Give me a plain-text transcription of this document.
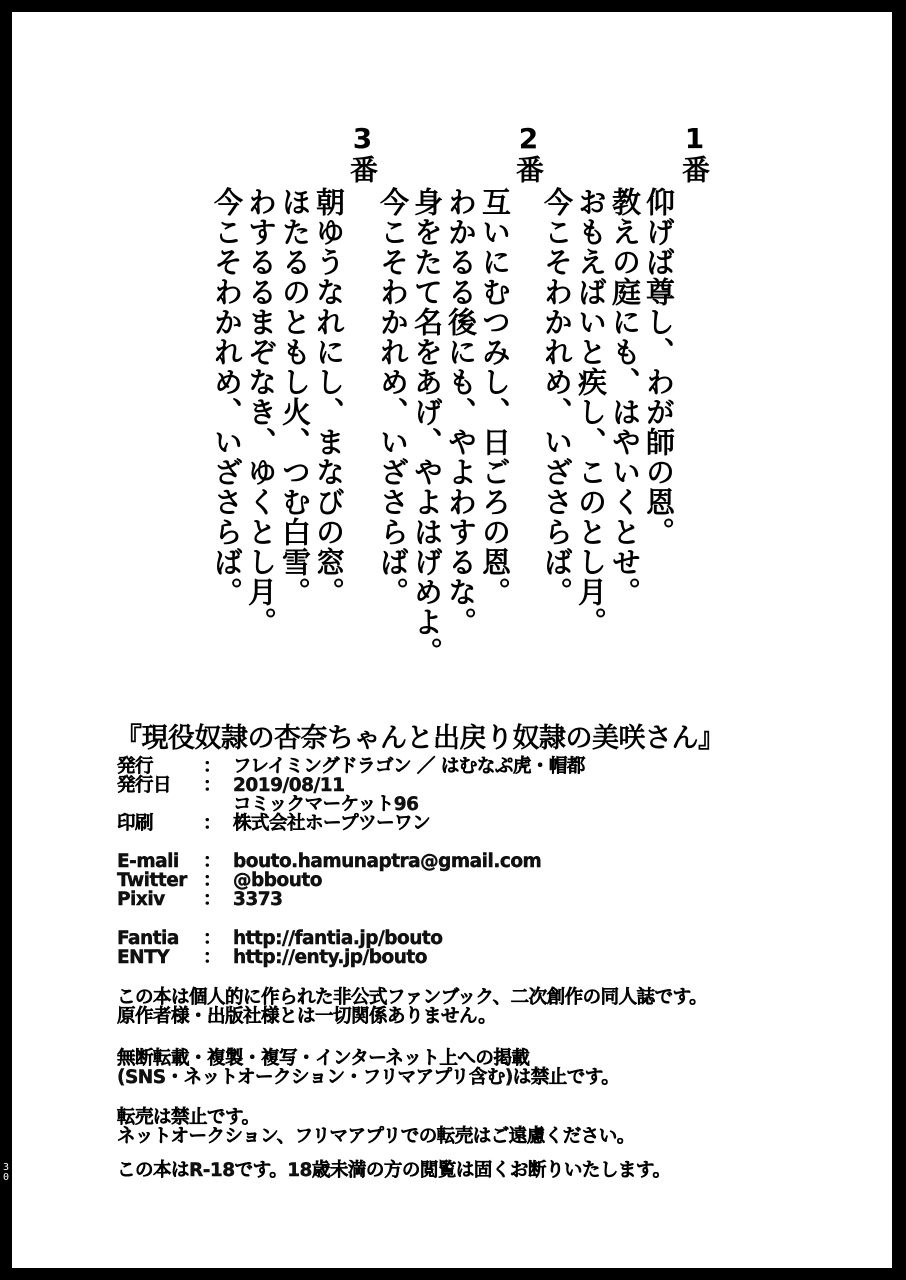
1番
仰げば尊し、わが師の恩。
教えの庭にも、はやいくとせ。
おもえばいと疾し、このとし月。
今こそわかれめ、いざさらば。
2番
互いにむつみし、日ごろの恩。
わかるる後にも、やよわするな。
身をたて名をあげ、やよはげめよ。
今こそわかれめ、いざさらば。
3番
朝ゆうなれにし、まなびの窓。
ほたるのともし火、つむ白雪。
わするるまぞなき、ゆくとし月。
今こそわかれめ、いざさらば。
『現役奴隷の杏奈ちゃんと出戻り奴隷の美咲さん』
発行	： フレイミングドラゴン ／ はむなぷ虎・帽都
発行日 ： 2019/08/11
コミックマーケット96
印刷	： 株式会社ホープツーワン
E-mali ： bouto.hamunaptra@gmail.com
Twitter ： @bbouto
Pixiv ： 3373
Fantia ： http://fantia.jp/bouto
ENTY ： http://enty.jp/bouto
この本は個人的に作られた非公式ファンブック、二次創作の同人誌です。
原作者様・出版社様とは一切関係ありません。
無断転載・複製・複写・インターネット上への掲載
(SNS・ネットオークション・フリマアプリ含む)は禁止です。
転売は禁止です。
ネットオークション、フリマアプリでの転売はご遠慮ください。
この本はR-18です。18歳未満の方の閲覧は固くお断りいたします。
3
0
